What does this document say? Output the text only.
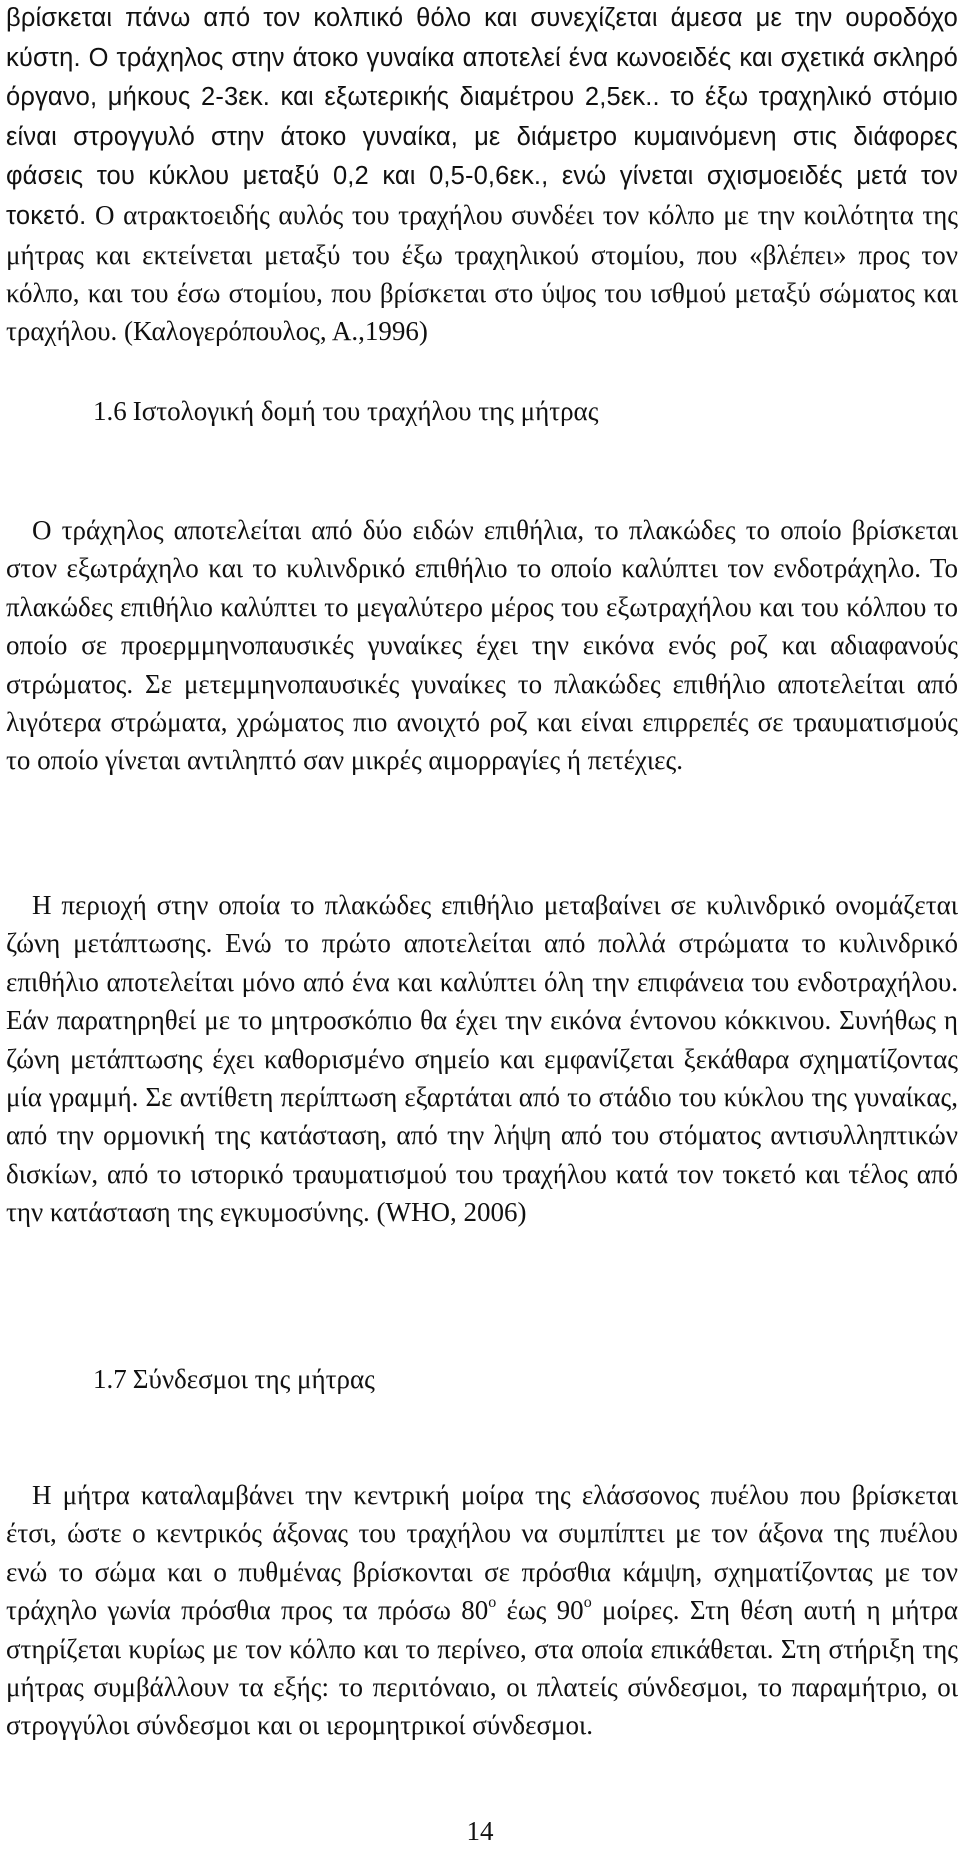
βρίσκεται πάνω από τον κολπικό θόλο και συνεχίζεται άμεσα με την ουροδόχο κύστη. Ο τράχηλος στην άτοκο γυναίκα αποτελεί ένα κωνοειδές και σχετικά σκληρό όργανο, μήκους 2-3εκ. και εξωτερικής διαμέτρου 2,5εκ.. το έξω τραχηλικό στόμιο είναι στρογγυλό στην άτοκο γυναίκα, με διάμετρο κυμαινόμενη στις διάφορες φάσεις του κύκλου μεταξύ 0,2 και 0,5-0,6εκ., ενώ γίνεται σχισμοειδές μετά τον τοκετό. Ο ατρακτοειδής αυλός του τραχήλου συνδέει τον κόλπο με την κοιλότητα της μήτρας και εκτείνεται μεταξύ του έξω τραχηλικού στομίου, που «βλέπει» προς τον κόλπο, και του έσω στομίου, που βρίσκεται στο ύψος του ισθμού μεταξύ σώματος και τραχήλου. (Καλογερόπουλος, Α.,1996)

1.6 Ιστολογική δομή του τραχήλου της μήτρας

Ο τράχηλος αποτελείται από δύο ειδών επιθήλια, το πλακώδες το οποίο βρίσκεται στον εξωτράχηλο και το κυλινδρικό επιθήλιο το οποίο καλύπτει τον ενδοτράχηλο. Το πλακώδες επιθήλιο καλύπτει το μεγαλύτερο μέρος του εξωτραχήλου και του κόλπου το οποίο σε προερμμηνοπαυσικές γυναίκες έχει την εικόνα ενός ροζ και αδιαφανούς στρώματος. Σε μετεμμηνοπαυσικές γυναίκες το πλακώδες επιθήλιο αποτελείται από λιγότερα στρώματα, χρώματος πιο ανοιχτό ροζ και είναι επιρρεπές σε τραυματισμούς το οποίο γίνεται αντιληπτό σαν μικρές αιμορραγίες ή πετέχιες.

Η περιοχή στην οποία το πλακώδες επιθήλιο μεταβαίνει σε κυλινδρικό ονομάζεται ζώνη μετάπτωσης. Ενώ το πρώτο αποτελείται από πολλά στρώματα το κυλινδρικό επιθήλιο αποτελείται μόνο από ένα και καλύπτει όλη την επιφάνεια του ενδοτραχήλου. Εάν παρατηρηθεί με το μητροσκόπιο θα έχει την εικόνα έντονου κόκκινου. Συνήθως η ζώνη μετάπτωσης έχει καθορισμένο σημείο και εμφανίζεται ξεκάθαρα σχηματίζοντας μία γραμμή. Σε αντίθετη περίπτωση εξαρτάται από το στάδιο του κύκλου της γυναίκας, από την ορμονική της κατάσταση, από την λήψη από του στόματος αντισυλληπτικών δισκίων, από το ιστορικό τραυματισμού του τραχήλου κατά τον τοκετό και τέλος από την κατάσταση της εγκυμοσύνης. (WHO, 2006)

1.7 Σύνδεσμοι της μήτρας

Η μήτρα καταλαμβάνει την κεντρική μοίρα της ελάσσονος πυέλου που βρίσκεται έτσι, ώστε ο κεντρικός άξονας του τραχήλου να συμπίπτει με τον άξονα της πυέλου ενώ το σώμα και ο πυθμένας βρίσκονται σε πρόσθια κάμψη, σχηματίζοντας με τον τράχηλο γωνία πρόσθια προς τα πρόσω $80^o$ έως $90^o$ μοίρες. Στη θέση αυτή η μήτρα στηρίζεται κυρίως με τον κόλπο και το περίνεο, στα οποία επικάθεται. Στη στήριξη της μήτρας συμβάλλουν τα εξής: το περιτόναιο, οι πλατείς σύνδεσμοι, το παραμήτριο, οι στρογγύλοι σύνδεσμοι και οι ιερομητρικοί σύνδεσμοι.

14
